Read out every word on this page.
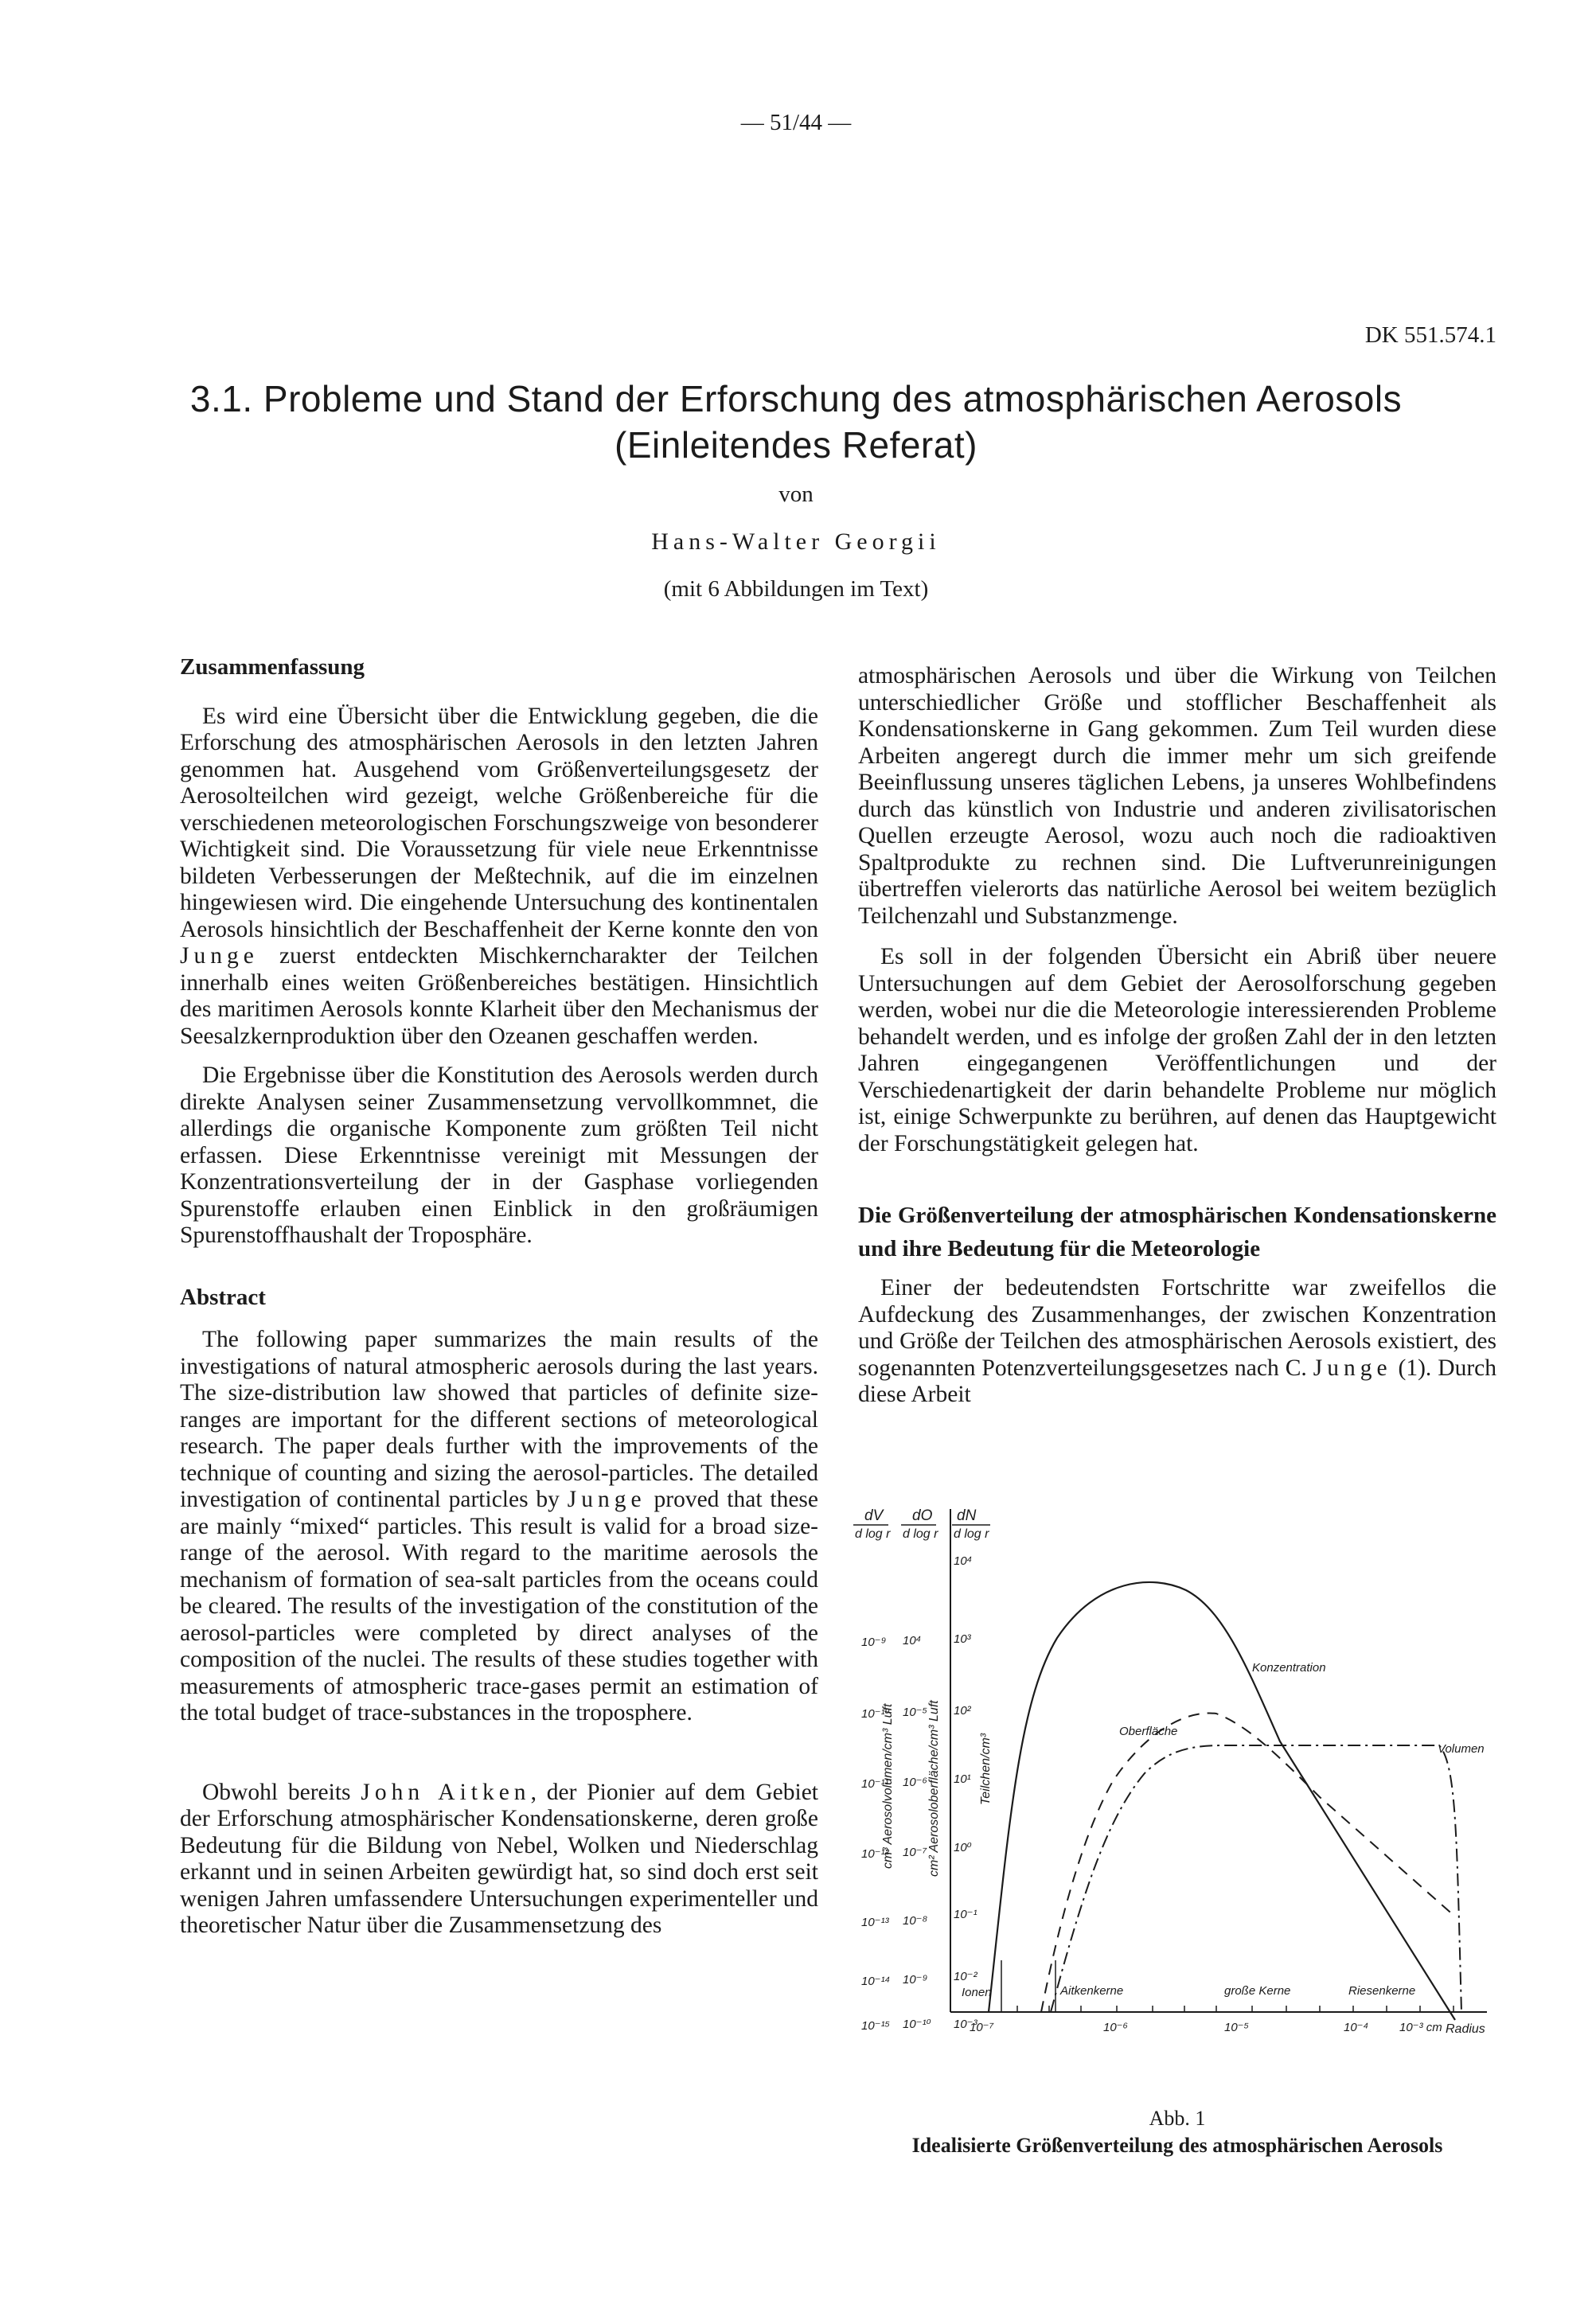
— 51/44 —
DK 551.574.1
3.1. Probleme und Stand der Erforschung des atmosphärischen Aerosols
(Einleitendes Referat)
von
Hans-Walter Georgii
(mit 6 Abbildungen im Text)
Zusammenfassung

Es wird eine Übersicht über die Entwicklung gegeben, die die Erforschung des atmosphärischen Aerosols in den letzten Jahren genommen hat. Ausgehend vom Größenverteilungsgesetz der Aerosolteilchen wird gezeigt, welche Größenbereiche für die verschiedenen meteorologischen Forschungszweige von besonderer Wichtigkeit sind. Die Voraussetzung für viele neue Erkenntnisse bildeten Verbesserungen der Meßtechnik, auf die im einzelnen hingewiesen wird. Die eingehende Untersuchung des kontinentalen Aerosols hinsichtlich der Beschaffenheit der Kerne konnte den von Junge zuerst entdeckten Mischkerncharakter der Teilchen innerhalb eines weiten Größenbereiches bestätigen. Hinsichtlich des maritimen Aerosols konnte Klarheit über den Mechanismus der Seesalzkernproduktion über den Ozeanen geschaffen werden.

Die Ergebnisse über die Konstitution des Aerosols werden durch direkte Analysen seiner Zusammensetzung vervollkommnet, die allerdings die organische Komponente zum größten Teil nicht erfassen. Diese Erkenntnisse vereinigt mit Messungen der Konzentrationsverteilung der in der Gasphase vorliegenden Spurenstoffe erlauben einen Einblick in den großräumigen Spurenstoffhaushalt der Troposphäre.

Abstract

The following paper summarizes the main results of the investigations of natural atmospheric aerosols during the last years. The size-distribution law showed that particles of definite size-ranges are important for the different sections of meteorological research. The paper deals further with the improvements of the technique of counting and sizing the aerosol-particles. The detailed investigation of continental particles by Junge proved that these are mainly “mixed“ particles. This result is valid for a broad size-range of the aerosol. With regard to the maritime aerosols the mechanism of formation of sea-salt particles from the oceans could be cleared. The results of the investigation of the constitution of the aerosol-particles were completed by direct analyses of the composition of the nuclei. The results of these studies together with measurements of atmospheric trace-gases permit an estimation of the total budget of trace-substances in the troposphere.

Obwohl bereits John Aitken, der Pionier auf dem Gebiet der Erforschung atmosphärischer Kondensationskerne, deren große Bedeutung für die Bildung von Nebel, Wolken und Niederschlag erkannt und in seinen Arbeiten gewürdigt hat, so sind doch erst seit wenigen Jahren umfassendere Untersuchungen experimenteller und theoretischer Natur über die Zusammensetzung des

atmosphärischen Aerosols und über die Wirkung von Teilchen unterschiedlicher Größe und stofflicher Beschaffenheit als Kondensationskerne in Gang gekommen. Zum Teil wurden diese Arbeiten angeregt durch die immer mehr um sich greifende Beeinflussung unseres täglichen Lebens, ja unseres Wohlbefindens durch das künstlich von Industrie und anderen zivilisatorischen Quellen erzeugte Aerosol, wozu auch noch die radioaktiven Spaltprodukte zu rechnen sind. Die Luftverunreinigungen übertreffen vielerorts das natürliche Aerosol bei weitem bezüglich Teilchenzahl und Substanzmenge.

Es soll in der folgenden Übersicht ein Abriß über neuere Untersuchungen auf dem Gebiet der Aerosolforschung gegeben werden, wobei nur die die Meteorologie interessierenden Probleme behandelt werden, und es infolge der großen Zahl der in den letzten Jahren eingegangenen Veröffentlichungen und der Verschiedenartigkeit der darin behandelte Probleme nur möglich ist, einige Schwerpunkte zu berühren, auf denen das Hauptgewicht der Forschungstätigkeit gelegen hat.

Die Größenverteilung der atmosphärischen Kondensationskerne und ihre Bedeutung für die Meteorologie

Einer der bedeutendsten Fortschritte war zweifellos die Aufdeckung des Zusammenhanges, der zwischen Konzentration und Größe der Teilchen des atmosphärischen Aerosols existiert, des sogenannten Potenzverteilungsgesetzes nach C. Junge (1). Durch diese Arbeit

dV
d log r
dO
d log r
dN
d log r
10⁻⁹
10⁻¹⁰
10⁻¹¹
10⁻¹²
10⁻¹³
10⁻¹⁴
10⁻¹⁵
10⁴
10⁻⁵
10⁻⁶
10⁻⁷
10⁻⁸
10⁻⁹
10⁻¹⁰
10⁴
10³
10²
10¹
10⁰
10⁻¹
10⁻²
10⁻³
cm³ Aerosolvolumen/cm³ Luft	cm² Aerosoloberfläche/cm³ Luft	Teilchen/cm³
10⁻⁷	10⁻⁶	10⁻⁵	10⁻⁴	10⁻³ cm Radius
Ionen	Aitkenkerne	große Kerne	Riesenkerne
Konzentration
Oberfläche
Volumen
Abb. 1
Idealisierte Größenverteilung des atmosphärischen Aerosols
